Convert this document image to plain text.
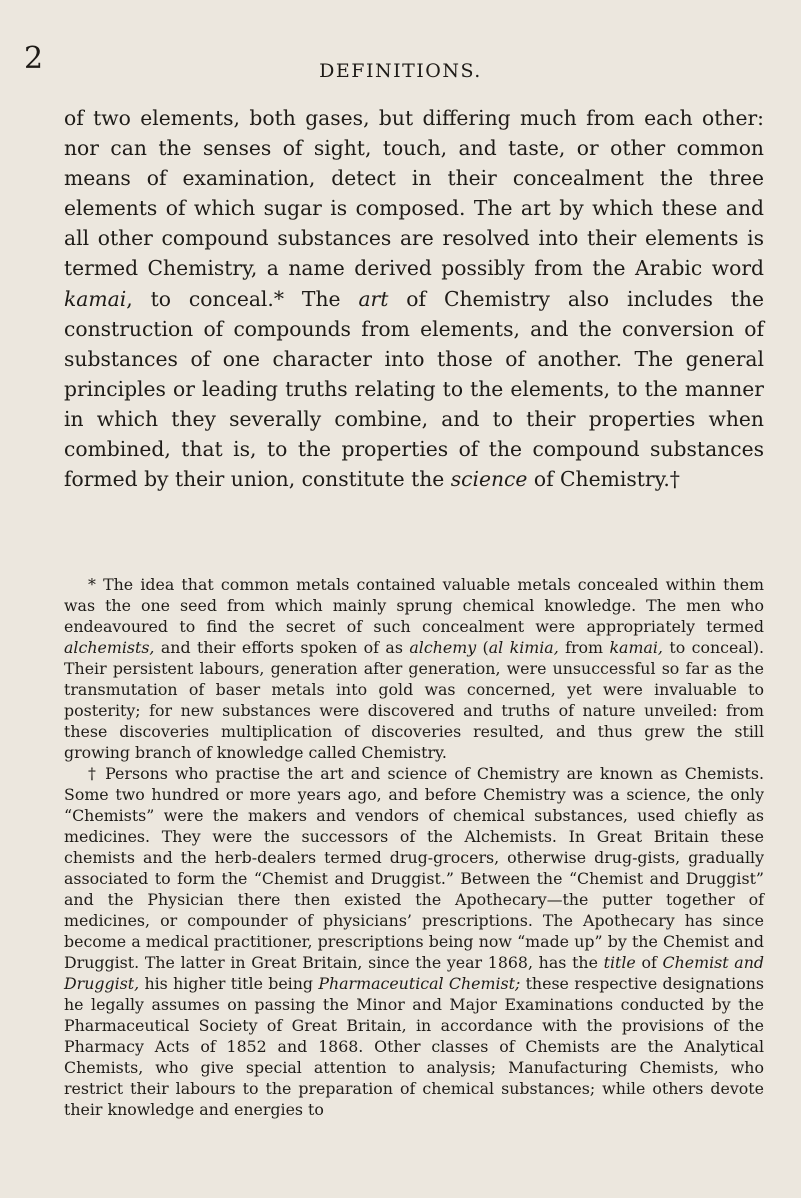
2	DEFINITIONS.

of two elements, both gases, but differing much from each other: nor can the senses of sight, touch, and taste, or other common means of examination, detect in their concealment the three elements of which sugar is composed. The art by which these and all other compound substances are resolved into their elements is termed Chemistry, a name derived possibly from the Arabic word kamai, to conceal.* The art of Chemistry also includes the construction of compounds from elements, and the conversion of substances of one character into those of another. The general principles or leading truths relating to the elements, to the manner in which they severally combine, and to their properties when combined, that is, to the properties of the compound substances formed by their union, constitute the science of Chemistry.†

* The idea that common metals contained valuable metals concealed within them was the one seed from which mainly sprung chemical knowledge. The men who endeavoured to find the secret of such concealment were appropriately termed alchemists, and their efforts spoken of as alchemy (al kimia, from kamai, to conceal). Their persistent labours, generation after generation, were unsuccessful so far as the transmutation of baser metals into gold was concerned, yet were invaluable to posterity; for new substances were discovered and truths of nature unveiled: from these discoveries multiplication of discoveries resulted, and thus grew the still growing branch of knowledge called Chemistry.

† Persons who practise the art and science of Chemistry are known as Chemists. Some two hundred or more years ago, and before Chemistry was a science, the only “Chemists” were the makers and vendors of chemical substances, used chiefly as medicines. They were the successors of the Alchemists. In Great Britain these chemists and the herb-dealers termed drug-grocers, otherwise drug-gists, gradually associated to form the “Chemist and Druggist.” Between the “Chemist and Druggist” and the Physician there then existed the Apothecary—the putter together of medicines, or compounder of physicians’ prescriptions. The Apothecary has since become a medical practitioner, prescriptions being now “made up” by the Chemist and Druggist. The latter in Great Britain, since the year 1868, has the title of Chemist and Druggist, his higher title being Pharmaceutical Chemist; these respective designations he legally assumes on passing the Minor and Major Examinations conducted by the Pharmaceutical Society of Great Britain, in accordance with the provisions of the Pharmacy Acts of 1852 and 1868. Other classes of Chemists are the Analytical Chemists, who give special attention to analysis; Manufacturing Chemists, who restrict their labours to the preparation of chemical substances; while others devote their knowledge and energies to
